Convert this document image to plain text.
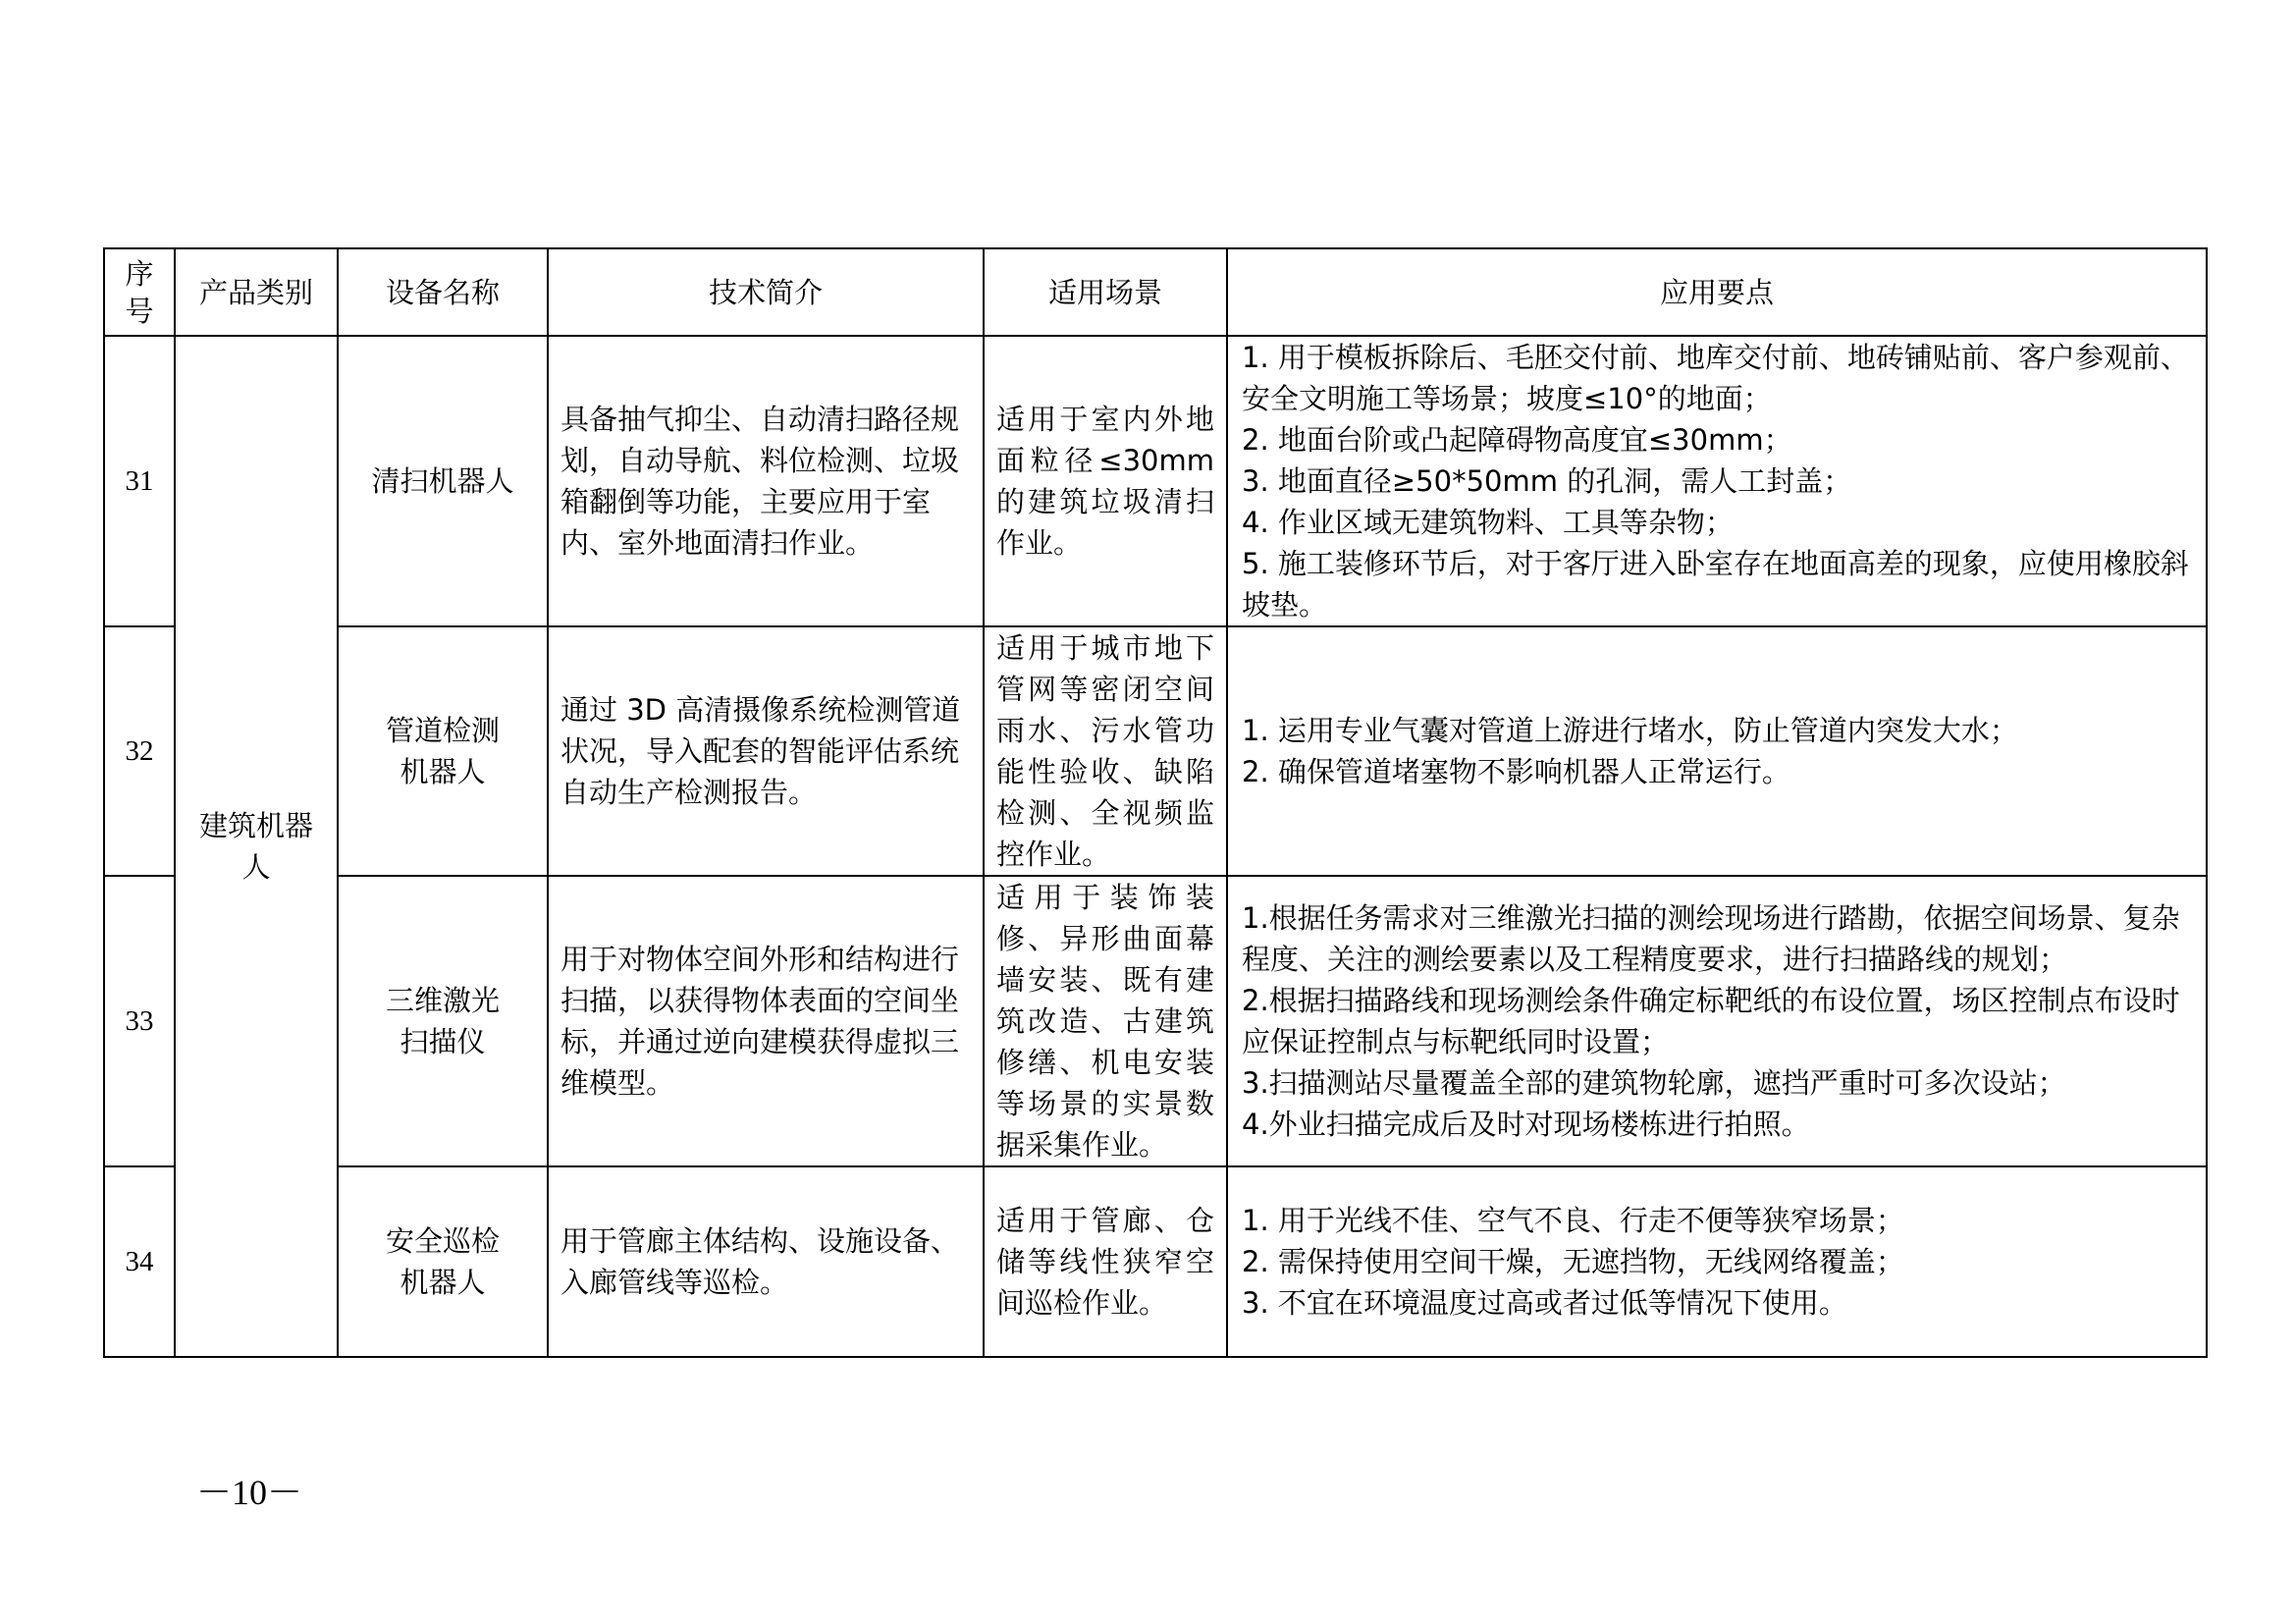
序号	产品类别	设备名称	技术简介	适用场景	应用要点
31	建筑机器人	清扫机器人	具备抽气抑尘、自动清扫路径规划，自动导航、料位检测、垃圾箱翻倒等功能，主要应用于室内、室外地面清扫作业。	适用于室内外地面粒径≤30mm 的建筑垃圾清扫作业。	1. 用于模板拆除后、毛胚交付前、地库交付前、地砖铺贴前、客户参观前、安全文明施工等场景；坡度≤10°的地面；
2. 地面台阶或凸起障碍物高度宜≤30mm；
3. 地面直径≥50*50mm 的孔洞，需人工封盖；
4. 作业区域无建筑物料、工具等杂物；
5. 施工装修环节后，对于客厅进入卧室存在地面高差的现象，应使用橡胶斜坡垫。

32		管道检测机器人	通过 3D 高清摄像系统检测管道状况，导入配套的智能评估系统自动生产检测报告。	适用于城市地下管网等密闭空间雨水、污水管功能性验收、缺陷检测、全视频监控作业。	1. 运用专业气囊对管道上游进行堵水，防止管道内突发大水；
2. 确保管道堵塞物不影响机器人正常运行。

33		三维激光扫描仪	用于对物体空间外形和结构进行扫描，以获得物体表面的空间坐标，并通过逆向建模获得虚拟三维模型。	适用于装饰装修、异形曲面幕墙安装、既有建筑改造、古建筑修缮、机电安装等场景的实景数据采集作业。	1.根据任务需求对三维激光扫描的测绘现场进行踏勘，依据空间场景、复杂程度、关注的测绘要素以及工程精度要求，进行扫描路线的规划；
2.根据扫描路线和现场测绘条件确定标靶纸的布设位置，场区控制点布设时应保证控制点与标靶纸同时设置；
3.扫描测站尽量覆盖全部的建筑物轮廓，遮挡严重时可多次设站；
4.外业扫描完成后及时对现场楼栋进行拍照。

34		安全巡检机器人	用于管廊主体结构、设施设备、入廊管线等巡检。	适用于管廊、仓储等线性狭窄空间巡检作业。	1. 用于光线不佳、空气不良、行走不便等狭窄场景；
2. 需保持使用空间干燥，无遮挡物，无线网络覆盖；
3. 不宜在环境温度过高或者过低等情况下使用。
－10－
